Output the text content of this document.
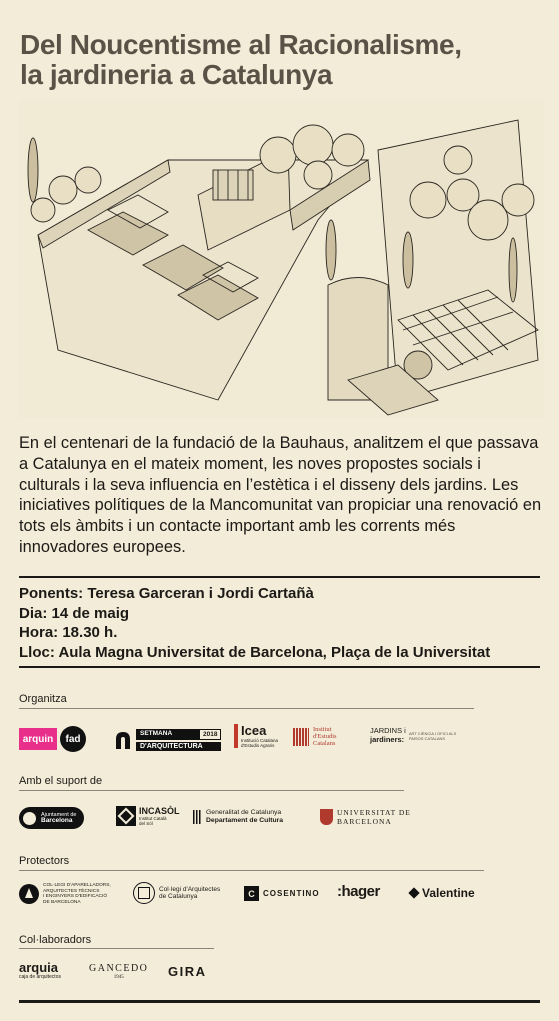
Del Noucentisme al Racionalisme,
la jardineria a Catalunya
En el centenari de la fundació de la Bauhaus, analitzem el que passava a Catalunya en el mateix moment, les noves propostes socials i culturals i la seva influencia en l’estètica i el disseny dels jardins. Les iniciatives polítiques de la Mancomunitat van propiciar una renovació en tots els àmbits i un contacte important amb les corrents més innovadores europees.
Ponents: Teresa Garceran i Jordi Cartañà
Dia: 14 de maig
Hora: 18.30 h.
Lloc: Aula Magna Universitat de Barcelona, Plaça de la Universitat
Organitza
arquin	fad	SETMANA	2018
D'ARQUITECTURA
Icea
Institució Catalana d'Estudis Agraris
Institut
d'Estudis
Catalans
JARDINS i
jardiners:
ART CIÈNCIA I OFICI ALS PAÏSOS CATALANS
Amb el suport de
Ajuntament de
Barcelona
INCASÒL
Institut Català
del Sòl
Generalitat de Catalunya
Departament de Cultura
UNIVERSITAT DE
BARCELONA
Protectors
COL·LEGI D'APARELLADORS,
ARQUITECTES TÈCNICS
I ENGINYERS D'EDIFICACIÓ
DE BARCELONA
Col·legi d'Arquitectes
de Catalunya	C	COSENTINO :hager	Valentine
Col·laboradors
arquia
caja de arquitectos
GANCEDO
1945	GIRA
